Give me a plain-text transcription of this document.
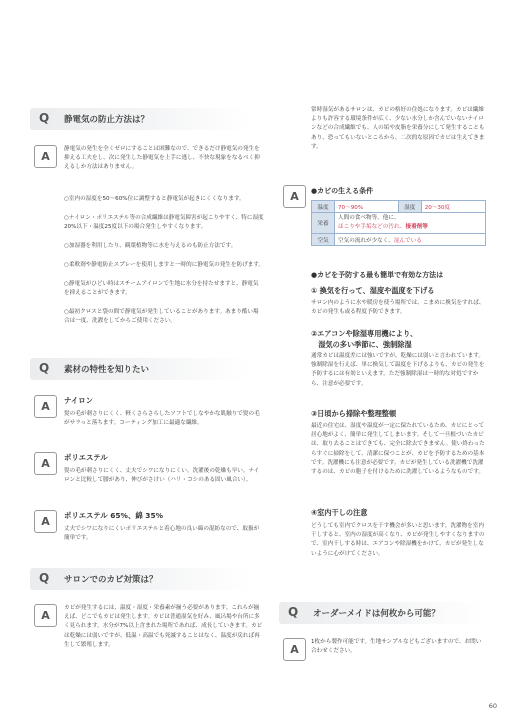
Q 静電気の防止方法は？
A
静電気の発生を全くゼロにすることは困難なので、できるだけ静電気の発生を抑える工夫をし、次に発生した静電気を上手に逃し、不快な現象をなるべく抑えるしか方法はありません。
○室内の湿度を50〜60%位に調整すると静電気が起きにくくなります。
○ナイロン・ポリエステル等の合成繊維は静電気障害が起こりやすく、特に湿度20%以下・温度25度以下の場合発生しやすくなります。
○加湿器を利用したり、観葉植物等に水を与えるのも防止方法です。
○柔軟剤や静電防止スプレーを使用しますと一時的に静電気の発生を防げます。
○静電気がひどい時はスチームアイロンで生地に水分を持たせますと、静電気を抑えることができます。
○最初クロスと袋の間で静電気が発生していることがあります。あまり酷い場合は一度、洗濯をしてからご使用ください。
Q 素材の特性を知りたい
A	ナイロン
髪の毛が刺さりにくく、軽くさらさらしたソフトでしなやかな肌触りで髪の毛がサラっと落ちます。コーティング加工に最適な繊維。
A	ポリエステル
髪の毛が刺さりにくく、丈夫でシワになりにくい。洗濯後の乾燥も早い。ナイロンと比較して腰があり、伸びがさけい（ハリ・コシのある固い風合い）。
A	ポリエステル 65%、綿 35%
丈夫でシワになりにくいポリエステルと着心地の良い綿の混紡なので、取扱が簡単です。
Q サロンでのカビ対策は？
A
カビが発生するには、温度・湿度・栄養素が揃う必要があります。これらが揃えば、どこでもカビは発生します。カビは普通湿気を好み、風呂場や台所に多く見られます。水分が7%以上含まれた場所であれば、成長していきます。カビは乾燥には弱いですが、低温・高温でも死滅することはなく、温度が戻れば再生して繁殖します。
常時湿気があるサロンは、カビの格好の住処になります。カビは繊維よりも許容する環境条件が広く、少ない水分しか含んでいないナイロンなどの合成繊維でも、人の垢や皮脂を栄養分にして発生することもあり、恐ってもいないところから、二次的な原因でカビは生えてきます。
A	●カビの生える条件
温度	70〜90%	湿度	20〜30度
栄養	人間の食べ物等、他に、
ほこりや手垢などの汚れ、接着剤等		
空気	空気の流れが少なく、淀んでいる		
●カビを予防する最も簡単で有効な方法は
① 換気を行って、湿度や温度を下げる
サロン内のように水や暖房を使う場所では、こまめに換気をすれば、カビの発生も或る程度予防できます。
②エアコンや除湿専用機により、
　湿気の多い季節に、強制除湿
通常カビは温度差には強いですが、乾燥には弱いと言われています。強制除湿を行えば、単に換気して温度を下げるよりも、カビの発生を予防するには有効といえます。ただ強制除湿は一時的な対処ですから、注意が必要です。
③日頃から掃除や整理整頓
最近の住宅は、湿度や温度が一定に保たれているため、カビにとって居心地がよく、簡単に発生してしまいます。そして一旦根づいたカビは、取り去ることはできても、完全に除去できません。使い終わったらすぐに掃除をして、清潔に保つことが、カビを予防するための基本です。洗濯機にも注意が必要です。カビが発生している洗濯機で洗濯するのは、カビの胞子を付けるために洗濯しているようなものです。
④室内干しの注意
どうしても室内でクロスを干す機会が多いと思います。洗濯物を室内干しすると、室内の湿度が高くなり、カビが発生しやすくなりますので、室内干しする時は、エアコンや除湿機をかけて、カビが発生しないように心がけてください。
Q オーダーメイドは何枚から可能？
A
1枚から製作可能です。生地サンプルなどもございますので、お問い合わせください。
60
